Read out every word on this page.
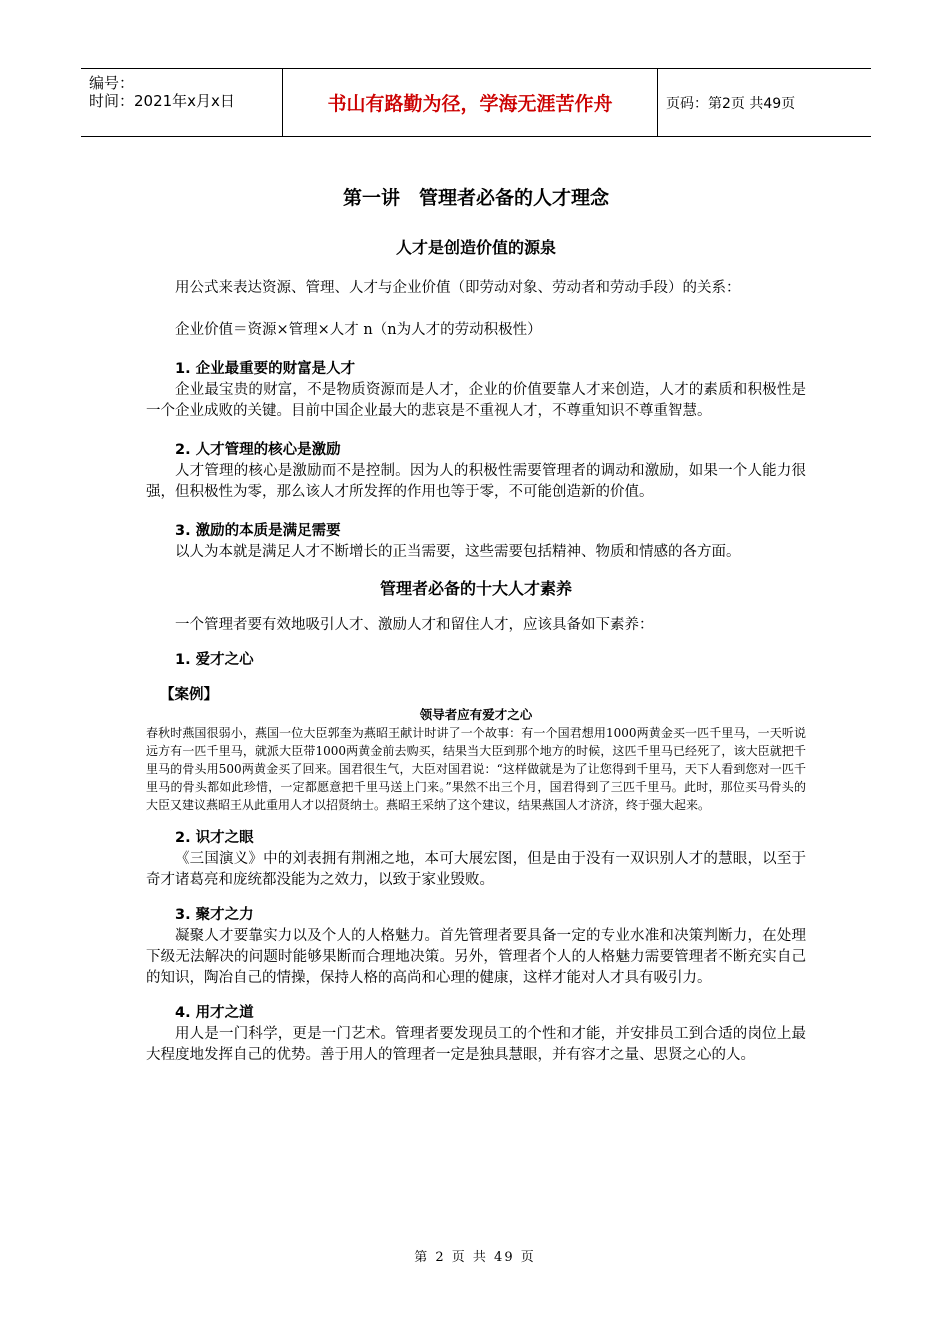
编号：
时间：2021年x月x日	书山有路勤为径，学海无涯苦作舟	页码：第2页 共49页
第一讲　管理者必备的人才理念
人才是创造价值的源泉

用公式来表达资源、管理、人才与企业价值（即劳动对象、劳动者和劳动手段）的关系：

企业价值＝资源×管理×人才 n（n为人才的劳动积极性）

1. 企业最重要的财富是人才

企业最宝贵的财富，不是物质资源而是人才，企业的价值要靠人才来创造，人才的素质和积极性是一个企业成败的关键。目前中国企业最大的悲哀是不重视人才，不尊重知识不尊重智慧。

2. 人才管理的核心是激励

人才管理的核心是激励而不是控制。因为人的积极性需要管理者的调动和激励，如果一个人能力很强，但积极性为零，那么该人才所发挥的作用也等于零，不可能创造新的价值。

3. 激励的本质是满足需要

以人为本就是满足人才不断增长的正当需要，这些需要包括精神、物质和情感的各方面。

管理者必备的十大人才素养

一个管理者要有效地吸引人才、激励人才和留住人才，应该具备如下素养：

1. 爱才之心
【案例】
领导者应有爱才之心

春秋时燕国很弱小，燕国一位大臣郭奎为燕昭王献计时讲了一个故事：有一个国君想用1000两黄金买一匹千里马，一天听说远方有一匹千里马，就派大臣带1000两黄金前去购买，结果当大臣到那个地方的时候，这匹千里马已经死了，该大臣就把千里马的骨头用500两黄金买了回来。国君很生气，大臣对国君说：“这样做就是为了让您得到千里马，天下人看到您对一匹千里马的骨头都如此珍惜，一定都愿意把千里马送上门来。”果然不出三个月，国君得到了三匹千里马。此时，那位买马骨头的大臣又建议燕昭王从此重用人才以招贤纳士。燕昭王采纳了这个建议，结果燕国人才济济，终于强大起来。

2. 识才之眼

《三国演义》中的刘表拥有荆湘之地，本可大展宏图，但是由于没有一双识别人才的慧眼，以至于奇才诸葛亮和庞统都没能为之效力，以致于家业毁败。

3. 聚才之力

凝聚人才要靠实力以及个人的人格魅力。首先管理者要具备一定的专业水准和决策判断力，在处理下级无法解决的问题时能够果断而合理地决策。另外，管理者个人的人格魅力需要管理者不断充实自己的知识，陶冶自己的情操，保持人格的高尚和心理的健康，这样才能对人才具有吸引力。

4. 用才之道

用人是一门科学，更是一门艺术。管理者要发现员工的个性和才能，并安排员工到合适的岗位上最大程度地发挥自己的优势。善于用人的管理者一定是独具慧眼，并有容才之量、思贤之心的人。

第 2 页 共 49 页
